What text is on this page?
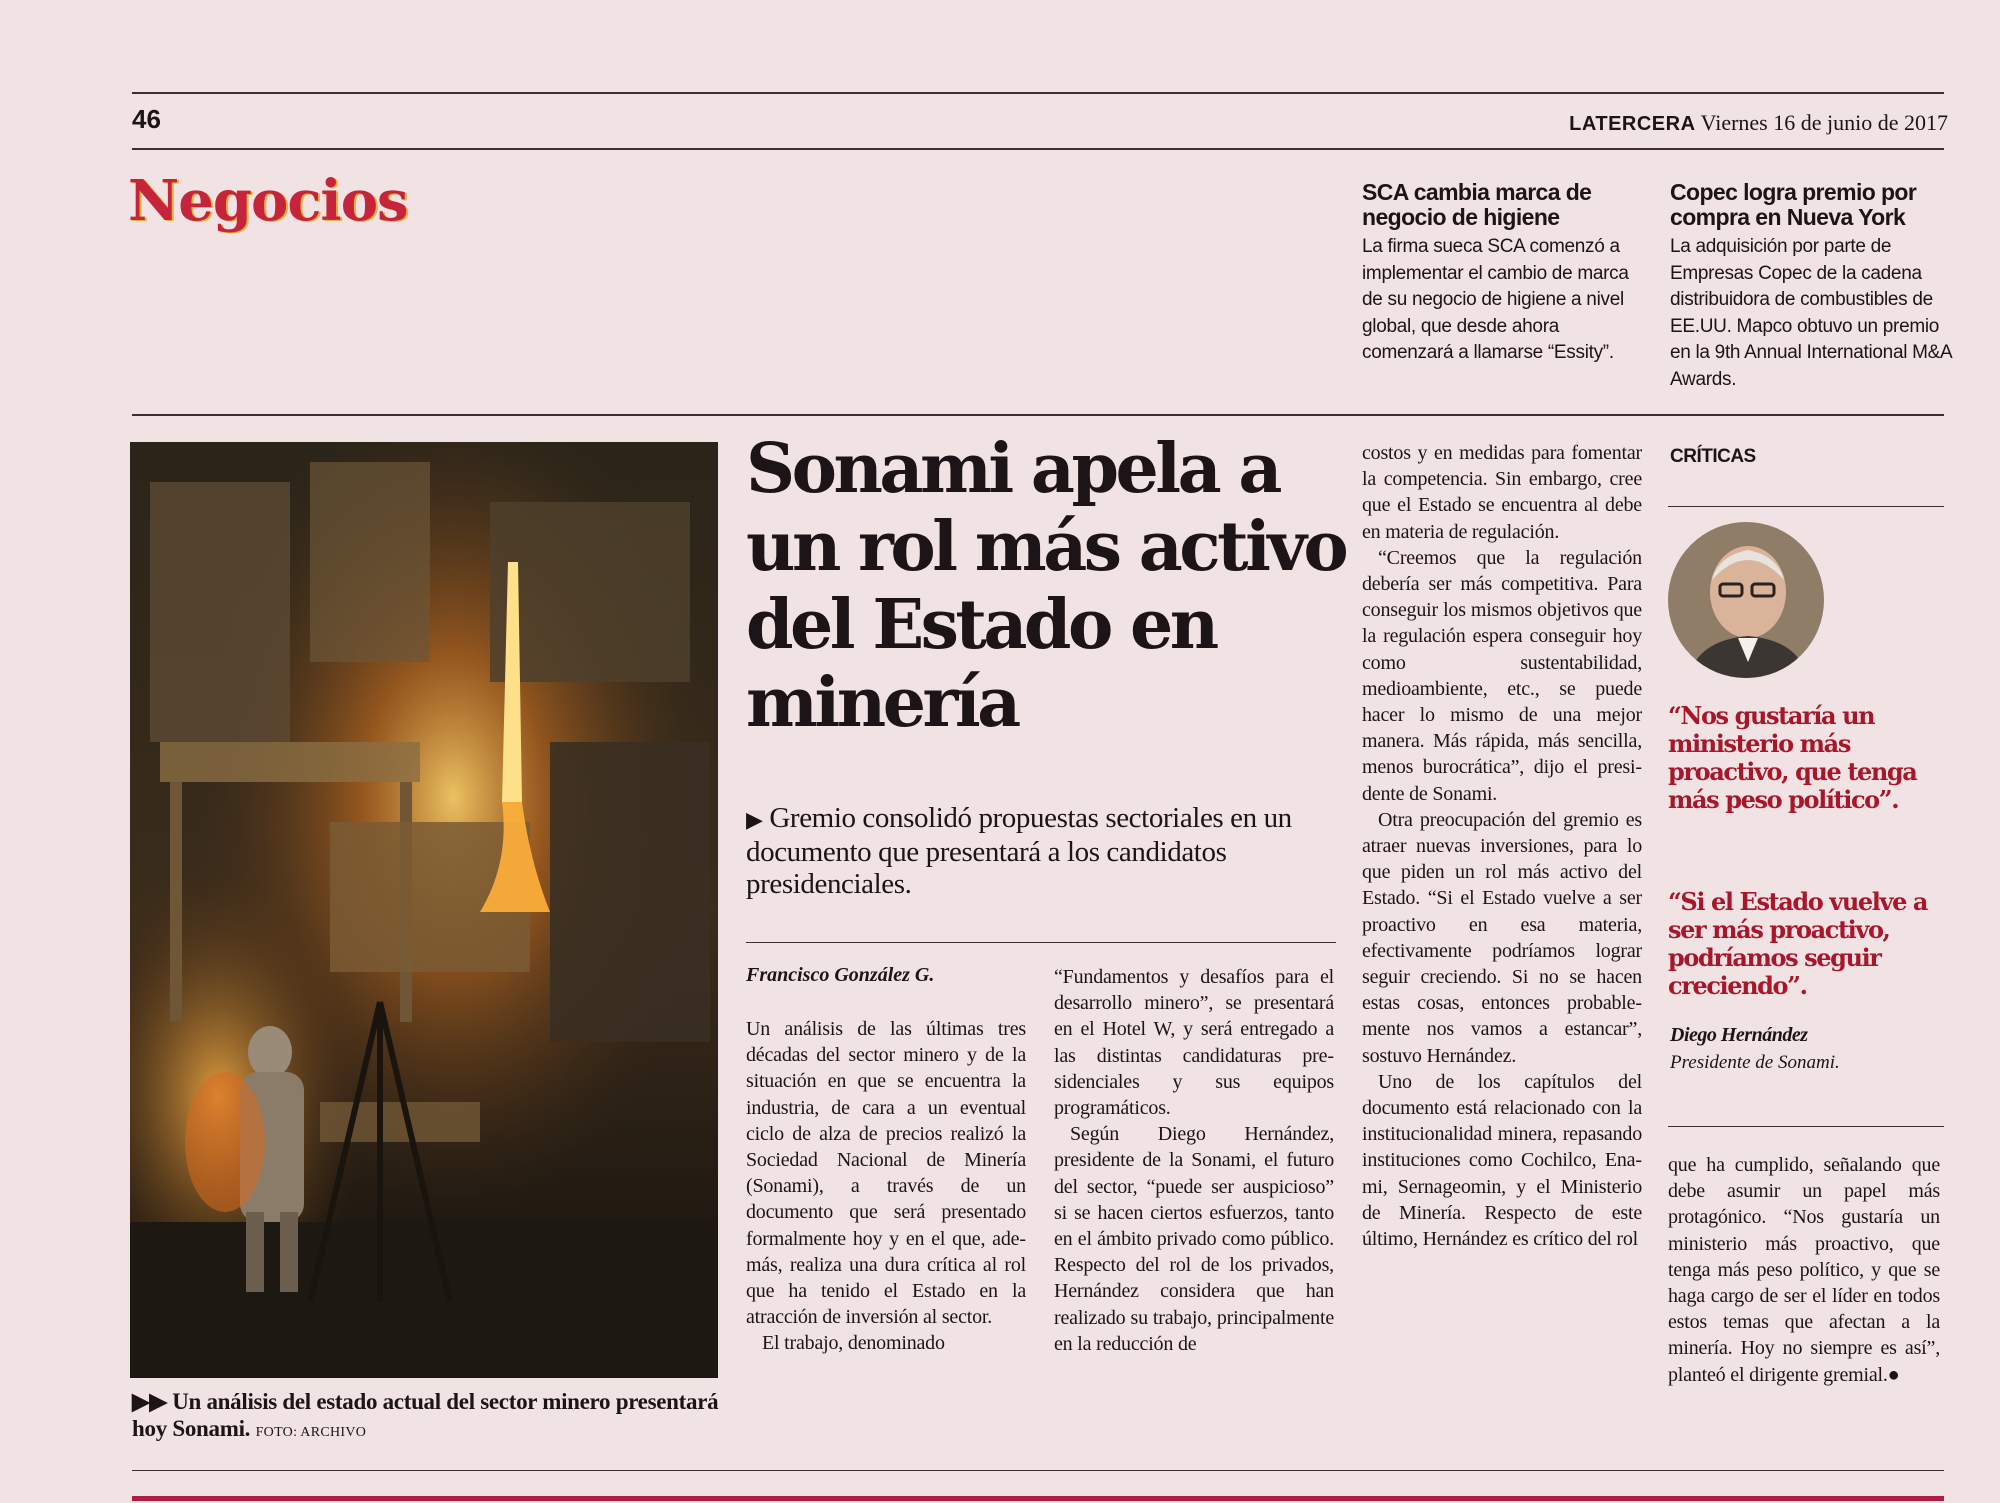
46	LATERCERA Viernes 16 de junio de 2017
Negocios	SCA cambia marca de negocio de higiene

La firma sueca SCA comenzó a implementar el cambio de marca de su negocio de higiene a nivel global, que desde ahora comenzará a llamarse “Essity”.

Copec logra premio por compra en Nueva York

La adquisición por parte de Empresas Copec de la cadena distribuidora de combustibles de EE.UU. Mapco obtuvo un premio en la 9th Annual International M&A Awards.

▶▶ Un análisis del estado actual del sector minero presentará hoy Sonami. FOTO: ARCHIVO
Sonami apela a un rol más activo del Estado en minería
▶ Gremio consolidó propuestas sectoriales en un documento que presentará a los candidatos presidenciales.
Francisco González G.

Un análisis de las últimas tres décadas del sector minero y de la situación en que se encuentra la industria, de cara a un eventual ciclo de alza de precios realizó la Sociedad Nacional de Minería (Sonami), a través de un documento que será presentado formalmente hoy y en el que, además, realiza una dura crítica al rol que ha tenido el Estado en la atracción de inversión al sector.

El trabajo, denominado

“Fundamentos y desafíos para el desarrollo minero”, se presentará en el Hotel W, y será entregado a las distintas candidaturas presidenciales y sus equipos programáticos.

Según Diego Hernández, presidente de la Sonami, el futuro del sector, “puede ser auspicioso” si se hacen ciertos esfuerzos, tanto en el ámbito privado como público. Respecto del rol de los privados, Hernández considera que han realizado su trabajo, principalmente en la reducción de

costos y en medidas para fomentar la competencia. Sin embargo, cree que el Estado se encuentra al debe en materia de regulación.

“Creemos que la regulación debería ser más competitiva. Para conseguir los mismos objetivos que la regulación espera conseguir hoy como sustentabilidad, medioambiente, etc., se puede hacer lo mismo de una mejor manera. Más rápida, más sencilla, menos burocrática”, dijo el presidente de Sonami.

Otra preocupación del gremio es atraer nuevas inversiones, para lo que piden un rol más activo del Estado. “Si el Estado vuelve a ser proactivo en esa materia, efectivamente podríamos lograr seguir creciendo. Si no se hacen estas cosas, entonces probablemente nos vamos a estancar”, sostuvo Hernández.

Uno de los capítulos del documento está relacionado con la institucionalidad minera, repasando instituciones como Cochilco, Enami, Sernageomin, y el Ministerio de Minería. Respecto de este último, Hernández es crítico del rol

que ha cumplido, señalando que debe asumir un papel más protagónico. “Nos gustaría un ministerio más proactivo, que tenga más peso político, y que se haga cargo de ser el líder en todos estos temas que afectan a la minería. Hoy no siempre es así”, planteó el dirigente gremial.●

CRÍTICAS
“Nos gustaría un ministerio más proactivo, que tenga más peso político”.
“Si el Estado vuelve a ser más proactivo, podríamos seguir creciendo”.
Diego Hernández
Presidente de Sonami.
